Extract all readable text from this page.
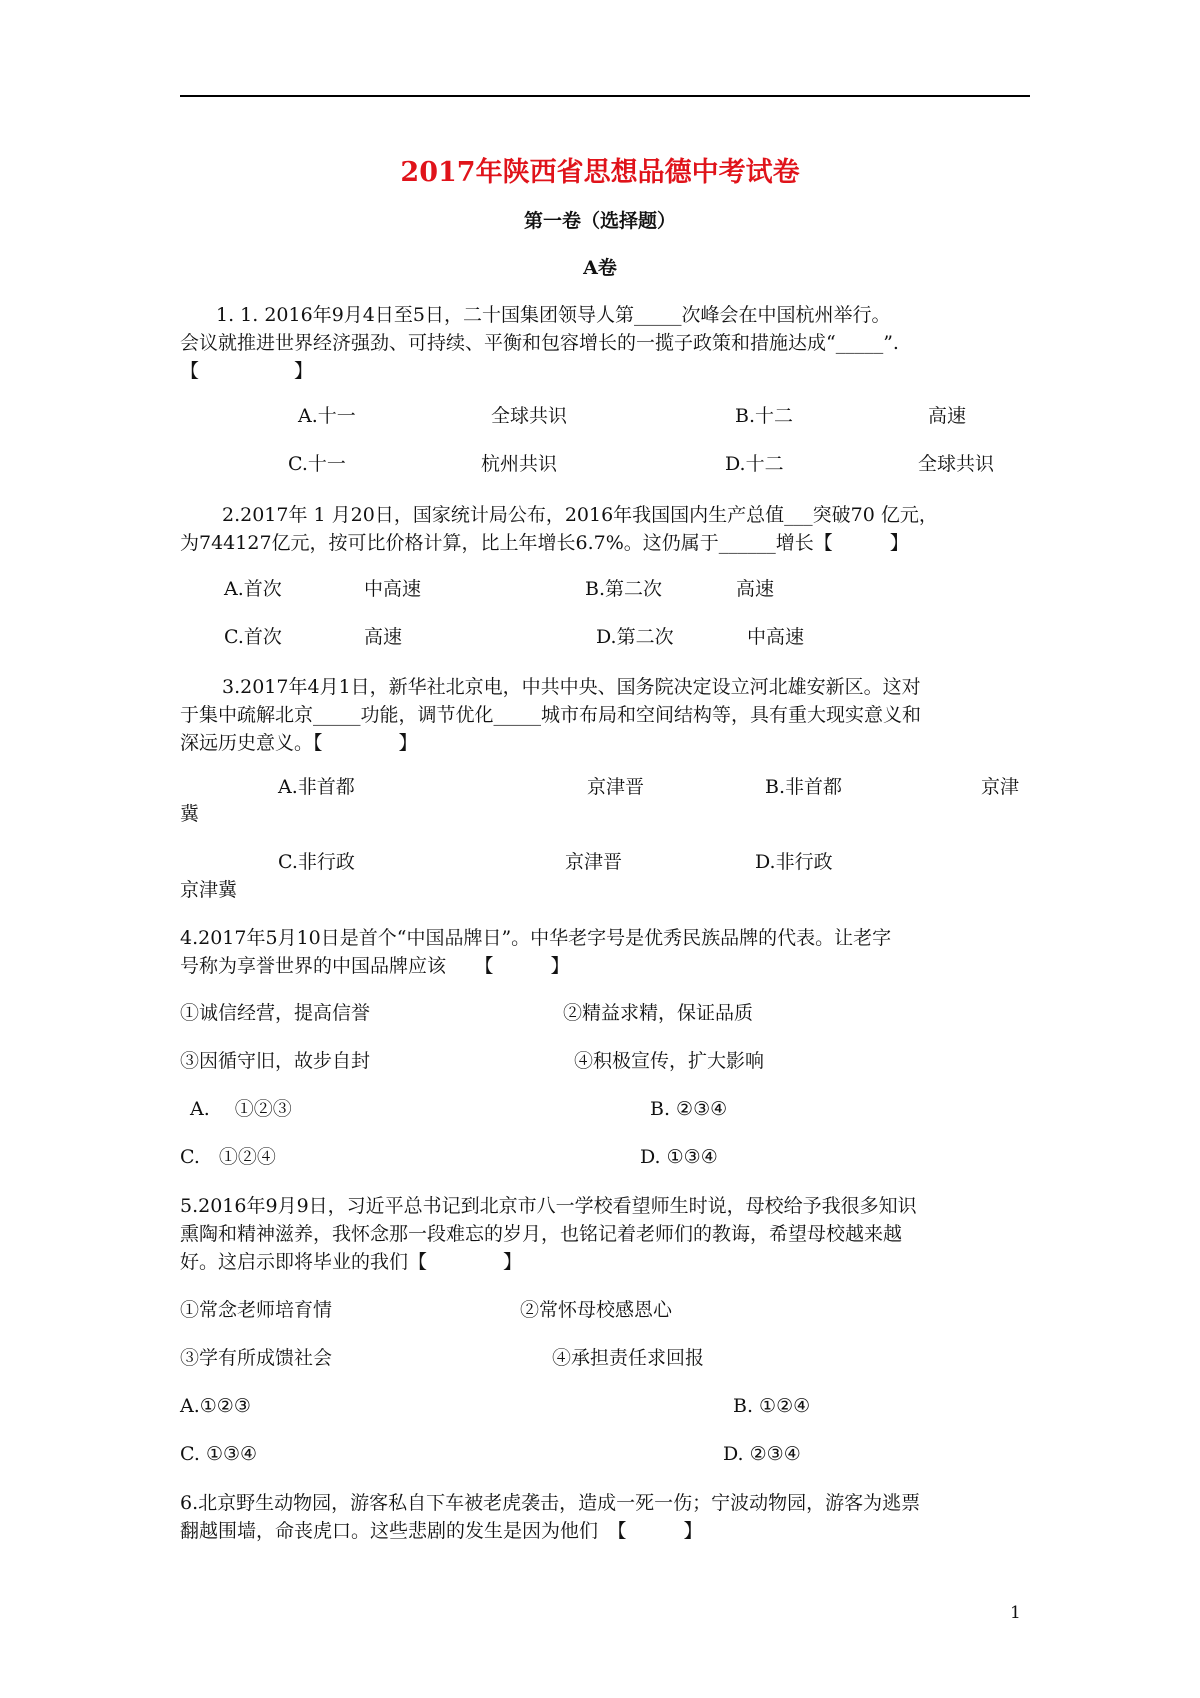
2017年陕西省思想品德中考试卷
第一卷（选择题）
A卷
1. 1. 2016年9月4日至5日，二十国集团领导人第_____次峰会在中国杭州举行。
会议就推进世界经济强劲、可持续、平衡和包容增长的一揽子政策和措施达成“_____”.
【　　　　　】
A.十一	全球共识	B.十二	高速
C.十一	杭州共识	D.十二	全球共识
2.2017年 1 月20日，国家统计局公布，2016年我国国内生产总值___突破70 亿元，
为744127亿元，按可比价格计算，比上年增长6.7%。这仍属于______增长【　　　】
A.首次	中高速	B.第二次	高速
C.首次	高速	D.第二次	中高速
3.2017年4月1日，新华社北京电，中共中央、国务院决定设立河北雄安新区。这对
于集中疏解北京_____功能，调节优化_____城市布局和空间结构等，具有重大现实意义和
深远历史意义。【　　　　】
A.非首都	京津晋	B.非首都	京津
冀
C.非行政	京津晋	D.非行政
京津冀
4.2017年5月10日是首个“中国品牌日”。中华老字号是优秀民族品牌的代表。让老字
号称为享誉世界的中国品牌应该　　【　　　】
①诚信经营，提高信誉	②精益求精，保证品质
③因循守旧，故步自封	④积极宣传，扩大影响
A.　 ①②③	B. ②③④
C.　①②④	D. ①③④
5.2016年9月9日，习近平总书记到北京市八一学校看望师生时说，母校给予我很多知识
熏陶和精神滋养，我怀念那一段难忘的岁月，也铭记着老师们的教诲，希望母校越来越
好。这启示即将毕业的我们【　　　　】
①常念老师培育情	②常怀母校感恩心
③学有所成馈社会	④承担责任求回报
A.①②③	B. ①②④
C. ①③④	D. ②③④
6.北京野生动物园，游客私自下车被老虎袭击，造成一死一伤；宁波动物园，游客为逃票
翻越围墙，命丧虎口。这些悲剧的发生是因为他们　【　　　】
1
